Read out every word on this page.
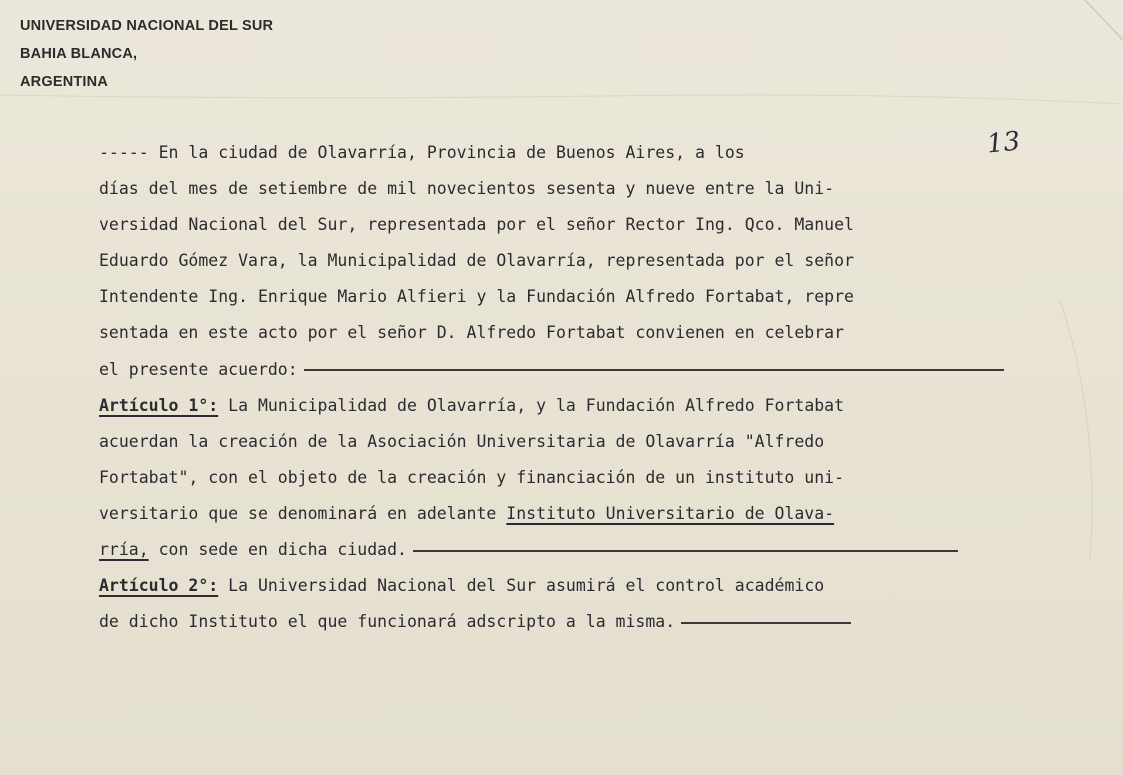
UNIVERSIDAD NACIONAL DEL SUR
BAHIA BLANCA,
ARGENTINA
13
----- En la ciudad de Olavarría, Provincia de Buenos Aires, a los
días del mes de setiembre de mil novecientos sesenta y nueve entre la Uni-
versidad Nacional del Sur, representada por el señor Rector Ing. Qco. Manuel
Eduardo Gómez Vara, la Municipalidad de Olavarría, representada por el señor
Intendente Ing. Enrique Mario Alfieri y la Fundación Alfredo Fortabat, repre
sentada en este acto por el señor D. Alfredo Fortabat convienen en celebrar
el presente acuerdo:
Artículo 1°: La Municipalidad de Olavarría, y la Fundación Alfredo Fortabat
acuerdan la creación de la Asociación Universitaria de Olavarría "Alfredo
Fortabat", con el objeto de la creación y financiación de un instituto uni-
versitario que se denominará en adelante Instituto Universitario de Olava-
rría, con sede en dicha ciudad.
Artículo 2°: La Universidad Nacional del Sur asumirá el control académico
de dicho Instituto el que funcionará adscripto a la misma.
